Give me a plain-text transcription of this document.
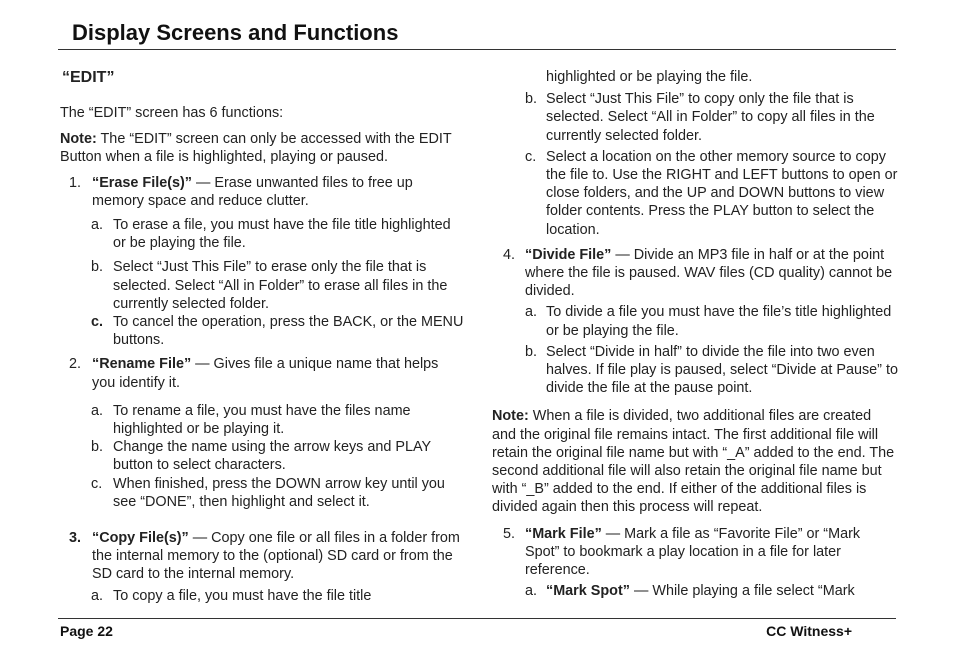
Display Screens and Functions
“EDIT”

The “EDIT” screen has 6 functions:

Note: The “EDIT” screen can only be accessed with the EDIT Button when a file is highlighted, playing or paused.

1. “Erase File(s)” — Erase unwanted files to free up memory space and reduce clutter.
a. To erase a file, you must have the file title highlighted or be playing the file.
b. Select “Just This File” to erase only the file that is selected. Select “All in Folder” to erase all files in the currently selected folder.
c. To cancel the operation, press the BACK, or the MENU buttons.
2. “Rename File” — Gives file a unique name that helps you identify it.
a. To rename a file, you must have the files name highlighted or be playing it.
b. Change the name using the arrow keys and PLAY button to select characters.
c. When finished, press the DOWN arrow key until you see “DONE”, then highlight and select it.
3. “Copy File(s)” — Copy one file or all files in a folder from the internal memory to the (optional) SD card or from the SD card to the internal memory.
a. To copy a file, you must have the file title
highlighted or be playing the file.
b. Select “Just This File” to copy only the file that is selected. Select “All in Folder” to copy all files in the currently selected folder.
c. Select a location on the other memory source to copy the file to. Use the RIGHT and LEFT buttons to open or close folders, and the UP and DOWN buttons to view folder contents. Press the PLAY button to select the location.
4. “Divide File” — Divide an MP3 file in half or at the point where the file is paused. WAV files (CD quality) cannot be divided.
a. To divide a file you must have the file’s title highlighted or be playing the file.
b. Select “Divide in half” to divide the file into two even halves. If file play is paused, select “Divide at Pause” to divide the file at the pause point.

Note: When a file is divided, two additional files are created and the original file remains intact. The first additional file will retain the original file name but with “_A” added to the end. The second additional file will also retain the original file name but with “_B” added to the end. If either of the additional files is divided again then this process will repeat.

5. “Mark File” — Mark a file as “Favorite File” or “Mark Spot” to bookmark a play location in a file for later reference.
a. “Mark Spot” — While playing a file select “Mark
Page 22	CC Witness+
